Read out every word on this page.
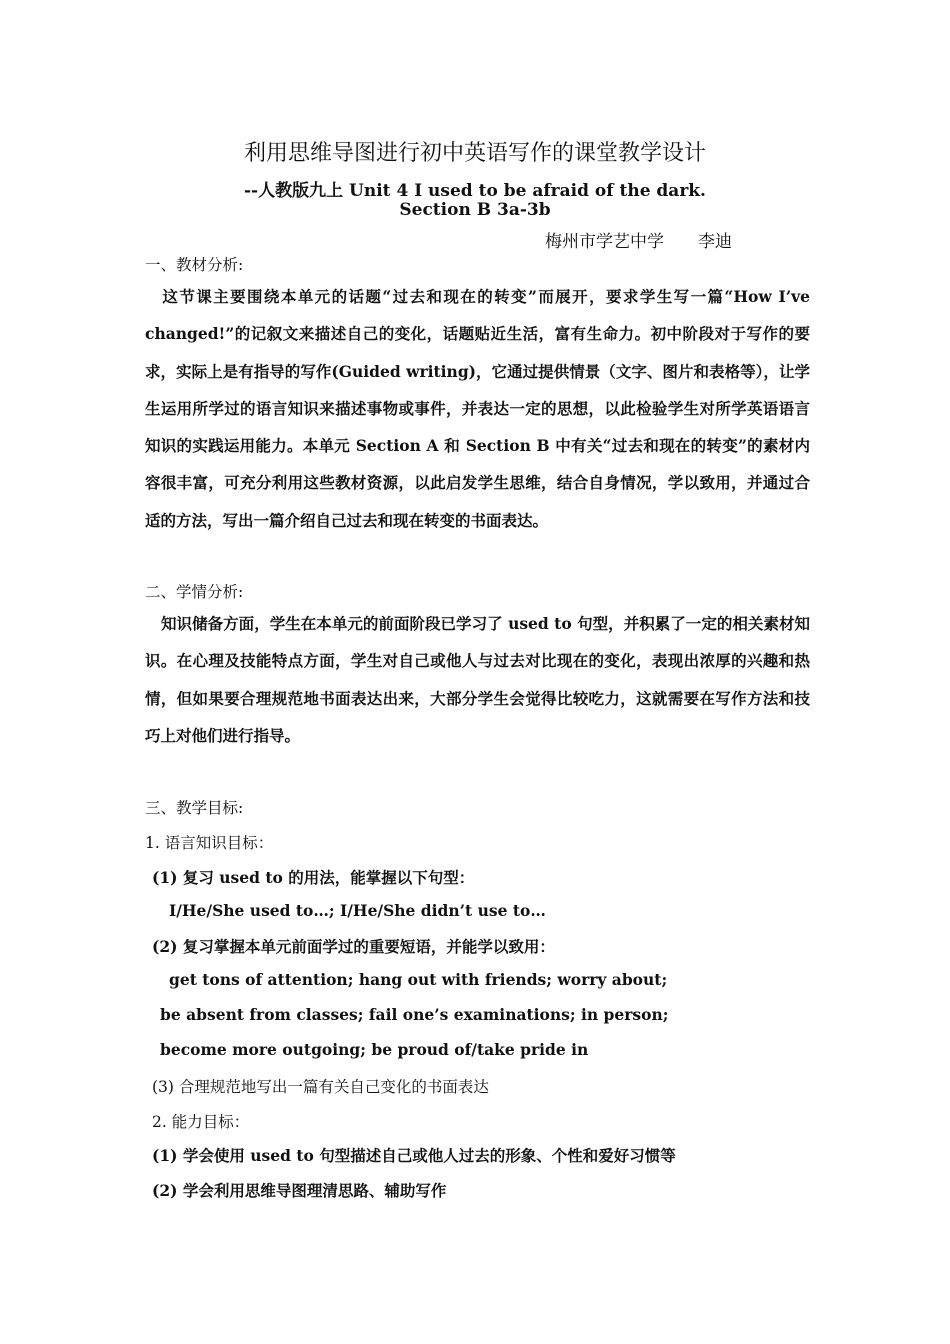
利用思维导图进行初中英语写作的课堂教学设计
--人教版九上 Unit 4 I used to be afraid of the dark.
Section B 3a-3b
梅州市学艺中学 李迪
一、教材分析:

这节课主要围绕本单元的话题“过去和现在的转变”而展开，要求学生写一篇“How I’ve changed!”的记叙文来描述自己的变化，话题贴近生活，富有生命力。初中阶段对于写作的要求，实际上是有指导的写作(Guided writing)，它通过提供情景（文字、图片和表格等），让学生运用所学过的语言知识来描述事物或事件，并表达一定的思想，以此检验学生对所学英语语言知识的实践运用能力。本单元 Section A 和 Section B 中有关“过去和现在的转变”的素材内容很丰富，可充分利用这些教材资源，以此启发学生思维，结合自身情况，学以致用，并通过合适的方法，写出一篇介绍自己过去和现在转变的书面表达。

二、学情分析:

知识储备方面，学生在本单元的前面阶段已学习了 used to 句型，并积累了一定的相关素材知识。在心理及技能特点方面，学生对自己或他人与过去对比现在的变化，表现出浓厚的兴趣和热情，但如果要合理规范地书面表达出来，大部分学生会觉得比较吃力，这就需要在写作方法和技巧上对他们进行指导。

三、教学目标:
1. 语言知识目标：
(1) 复习 used to 的用法，能掌握以下句型：
I/He/She used to…; I/He/She didn’t use to…
(2) 复习掌握本单元前面学过的重要短语，并能学以致用：
get tons of attention; hang out with friends; worry about;
be absent from classes; fail one’s examinations; in person;
become more outgoing; be proud of/take pride in
(3) 合理规范地写出一篇有关自己变化的书面表达
2. 能力目标：
(1) 学会使用 used to 句型描述自己或他人过去的形象、个性和爱好习惯等
(2) 学会利用思维导图理清思路、辅助写作
